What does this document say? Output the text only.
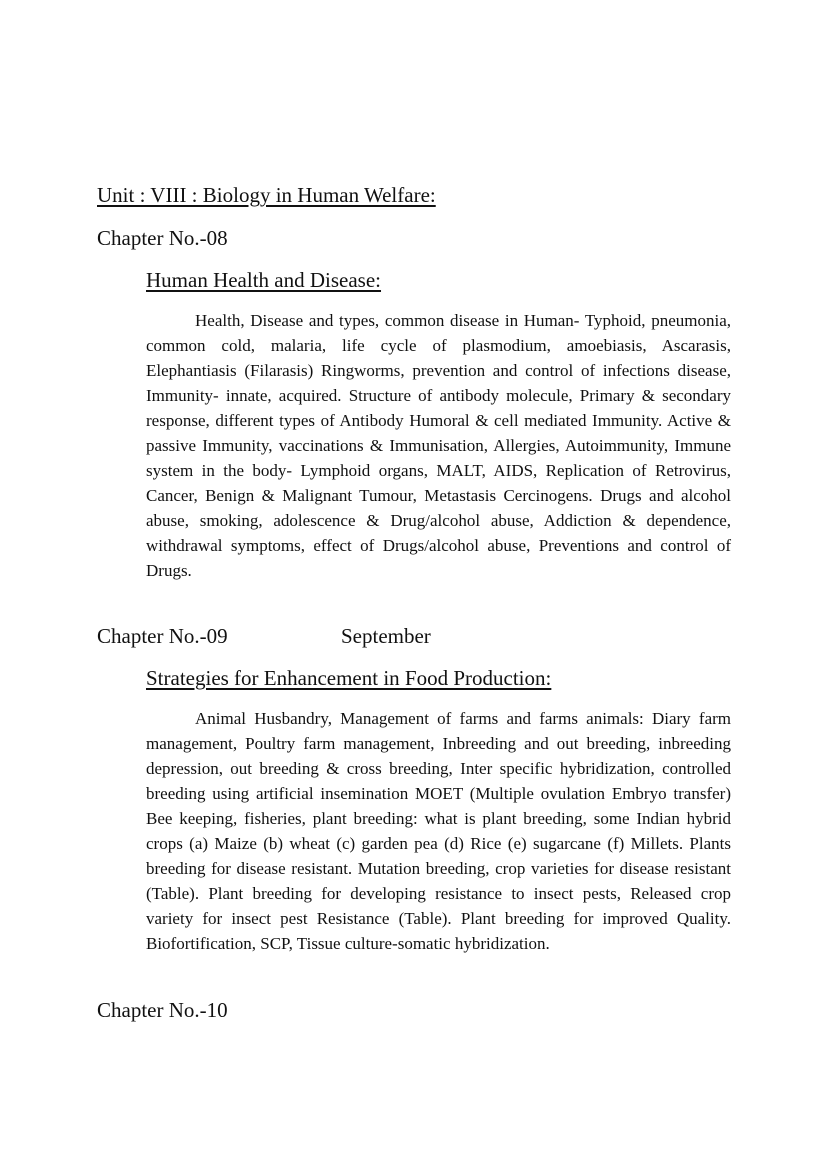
Unit : VIII : Biology in Human Welfare:
Chapter No.-08
Human Health and Disease:

Health, Disease and types, common disease in Human- Typhoid, pneumonia, common cold, malaria, life cycle of plasmodium, amoebiasis, Ascarasis, Elephantiasis (Filarasis) Ringworms, prevention and control of infections disease, Immunity- innate, acquired. Structure of antibody molecule, Primary & secondary response, different types of Antibody Humoral & cell mediated Immunity. Active & passive Immunity, vaccinations & Immunisation, Allergies, Autoimmunity, Immune system in the body- Lymphoid organs, MALT, AIDS, Replication of Retrovirus, Cancer, Benign & Malignant Tumour, Metastasis Cercinogens. Drugs and alcohol abuse, smoking, adolescence & Drug/alcohol abuse, Addiction & dependence, withdrawal symptoms, effect of Drugs/alcohol abuse, Preventions and control of Drugs.

Chapter No.-09	September
Strategies for Enhancement in Food Production:

Animal Husbandry, Management of farms and farms animals: Diary farm management, Poultry farm management, Inbreeding and out breeding, inbreeding depression, out breeding & cross breeding, Inter specific hybridization, controlled breeding using artificial insemination MOET (Multiple ovulation Embryo transfer) Bee keeping, fisheries, plant breeding: what is plant breeding, some Indian hybrid crops (a) Maize (b) wheat (c) garden pea (d) Rice (e) sugarcane (f) Millets. Plants breeding for disease resistant. Mutation breeding, crop varieties for disease resistant (Table). Plant breeding for developing resistance to insect pests, Released crop variety for insect pest Resistance (Table). Plant breeding for improved Quality. Biofortification, SCP, Tissue culture-somatic hybridization.

Chapter No.-10
